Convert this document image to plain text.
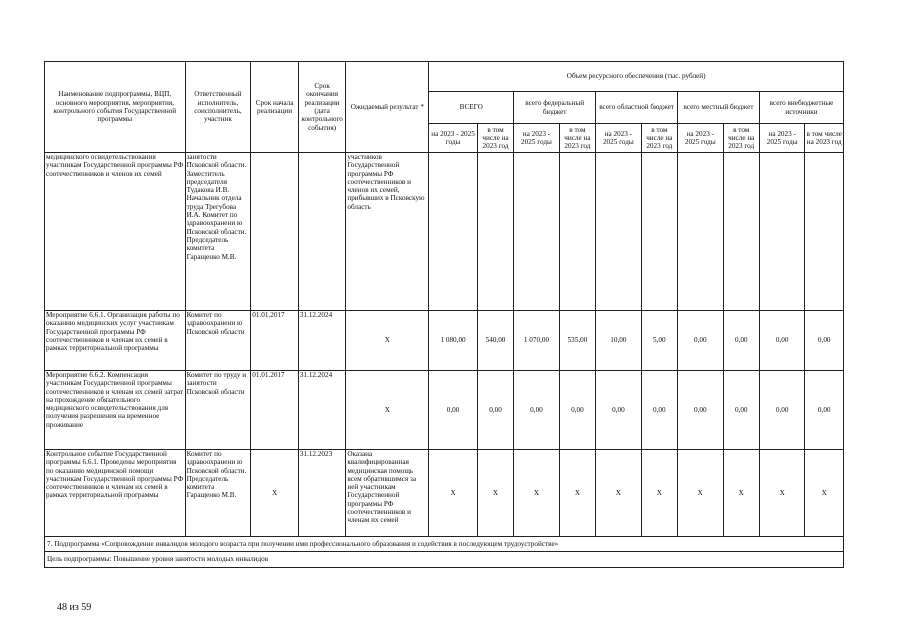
Наименование подпрограммы, ВЦП, основного мероприятия, мероприятия, контрольного события Государственной программы	Ответственный исполнитель, соисполнитель, участник	Срок начала реализации	Срок окончания реализации (дата контрольного события)	Ожидаемый результат *	Объем ресурсного обеспечения (тыс. рублей)									
					ВСЕГО		всего федеральный бюджет		всего областной бюджет		всего местный бюджет		всего внебюджетные источники	
					на 2023 - 2025 годы	в том числе на 2023 год	на 2023 - 2025 годы	в том числе на 2023 год	на 2023 - 2025 годы	в том числе на 2023 год	на 2023 - 2025 годы	в том числе на 2023 год	на 2023 - 2025 годы	в том числе на 2023 год
медицинского освидетельствования участникам Государственной программы РФ соотечественников и членов их семей	занятости Псковской области. Заместитель председателя Тудакова И.В. Начальник отдела труда Трегубова И.А. Комитет по здравоохранени ю Псковской области. Председатель комитета Гаращенко М.В.			участников Государственной программы РФ соотечественников и членов их семей, прибывших в Псковскую область										
Мероприятие 6.6.1. Организация работы по оказанию медицинских услуг участникам Государственной программы РФ соотечественников и членам их семей в рамках территориальной программы	Комитет по здравоохранени ю Псковской области	01.01.2017	31.12.2024	X	1 080,00	540,00	1 070,00	535,00	10,00	5,00	0,00	0,00	0,00	0,00
Мероприятие 6.6.2. Компенсация участникам Государственной программы соотечественников и членам их семей затрат на прохождение обязательного медицинского освидетельствования для получения разрешения на временное проживание	Комитет по труду и занятости Псковской области	01.01.2017	31.12.2024	X	0,00	0,00	0,00	0,00	0,00	0,00	0,00	0,00	0,00	0,00
Контрольное событие Государственной программы 6.6.1. Проведены мероприятия по оказанию медицинской помощи участникам Государственной программы РФ соотечественников и членам их семей в рамках территориальной программы	Комитет по здравоохранени ю Псковской области. Председатель комитета Гаращенко М.В.	X	31.12.2023	Оказана квалифицированная медицинская помощь всем обратившимся за ней участникам Государственной программы РФ соотечественников и членам их семей	X	X	X	X	X	X	X	X	X	X
7. Подпрограмма «Сопровождение инвалидов молодого возраста при получении ими профессионального образования и содействия в последующем трудоустройстве»														
Цель подпрограммы: Повышение уровня занятости молодых инвалидов														
48 из 59
